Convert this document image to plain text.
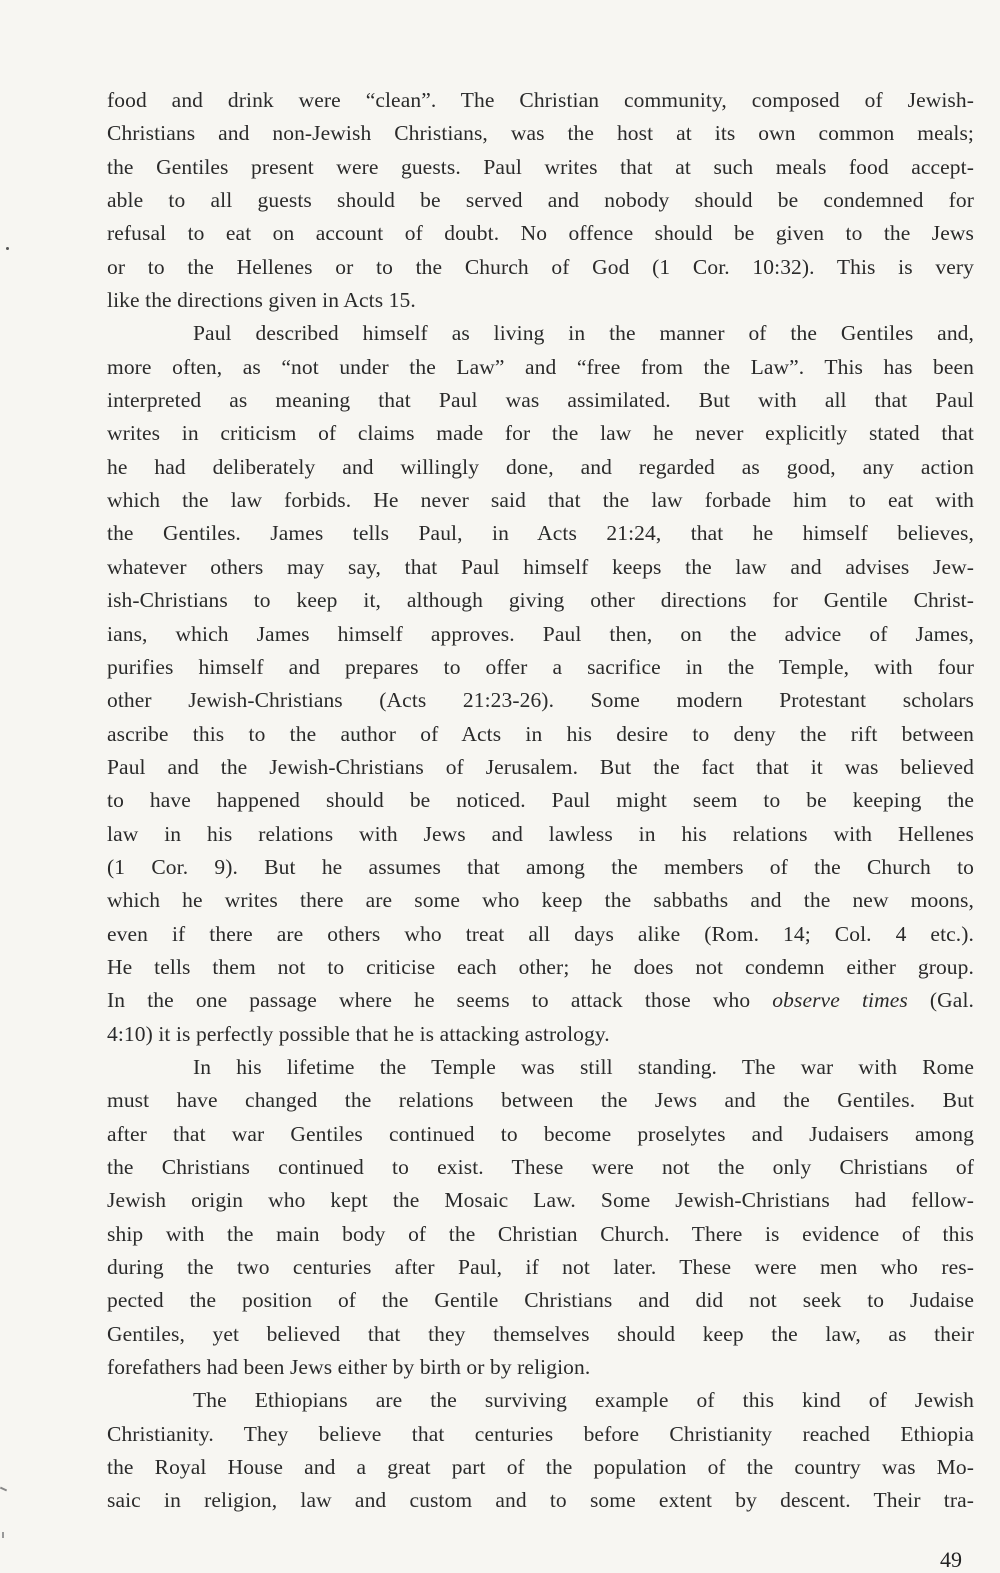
food and drink were “clean”. The Christian community, composed of Jewish-
Christians and non-Jewish Christians, was the host at its own common meals;
the Gentiles present were guests. Paul writes that at such meals food accept-
able to all guests should be served and nobody should be condemned for
refusal to eat on account of doubt. No offence should be given to the Jews
or to the Hellenes or to the Church of God (1 Cor. 10:32). This is very
like the directions given in Acts 15.
Paul described himself as living in the manner of the Gentiles and,
more often, as “not under the Law” and “free from the Law”. This has been
interpreted as meaning that Paul was assimilated. But with all that Paul
writes in criticism of claims made for the law he never explicitly stated that
he had deliberately and willingly done, and regarded as good, any action
which the law forbids. He never said that the law forbade him to eat with
the Gentiles. James tells Paul, in Acts 21:24, that he himself believes,
whatever others may say, that Paul himself keeps the law and advises Jew-
ish-Christians to keep it, although giving other directions for Gentile Christ-
ians, which James himself approves. Paul then, on the advice of James,
purifies himself and prepares to offer a sacrifice in the Temple, with four
other Jewish-Christians (Acts 21:23-26). Some modern Protestant scholars
ascribe this to the author of Acts in his desire to deny the rift between
Paul and the Jewish-Christians of Jerusalem. But the fact that it was believed
to have happened should be noticed. Paul might seem to be keeping the
law in his relations with Jews and lawless in his relations with Hellenes
(1 Cor. 9). But he assumes that among the members of the Church to
which he writes there are some who keep the sabbaths and the new moons,
even if there are others who treat all days alike (Rom. 14; Col. 4 etc.).
He tells them not to criticise each other; he does not condemn either group.
In the one passage where he seems to attack those who observe times (Gal.
4:10) it is perfectly possible that he is attacking astrology.
In his lifetime the Temple was still standing. The war with Rome
must have changed the relations between the Jews and the Gentiles. But
after that war Gentiles continued to become proselytes and Judaisers among
the Christians continued to exist. These were not the only Christians of
Jewish origin who kept the Mosaic Law. Some Jewish-Christians had fellow-
ship with the main body of the Christian Church. There is evidence of this
during the two centuries after Paul, if not later. These were men who res-
pected the position of the Gentile Christians and did not seek to Judaise
Gentiles, yet believed that they themselves should keep the law, as their
forefathers had been Jews either by birth or by religion.
The Ethiopians are the surviving example of this kind of Jewish
Christianity. They believe that centuries before Christianity reached Ethiopia
the Royal House and a great part of the population of the country was Mo-
saic in religion, law and custom and to some extent by descent. Their tra-
49
